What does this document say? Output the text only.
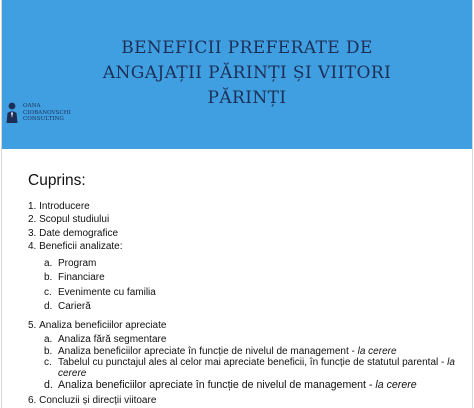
BENEFICII PREFERATE DE
ANGAJAȚII PĂRINȚI ȘI VIITORI
PĂRINȚI
OANA
CIOBANOVSCHI
CONSULTING
Cuprins:
1. Introducere
2. Scopul studiului
3. Date demografice
4. Beneficii analizate:
a. Program
b. Financiare
c. Evenimente cu familia
d. Carieră
5. Analiza beneficiilor apreciate
a. Analiza fără segmentare
b. Analiza beneficiilor apreciate în funcție de nivelul de management - la cerere
c. Tabelul cu punctajul ales al celor mai apreciate beneficii, în funcție de statutul parental - la cerere
d. Analiza beneficiilor apreciate în funcție de nivelul de management - la cerere
6. Concluzii și direcții viitoare
